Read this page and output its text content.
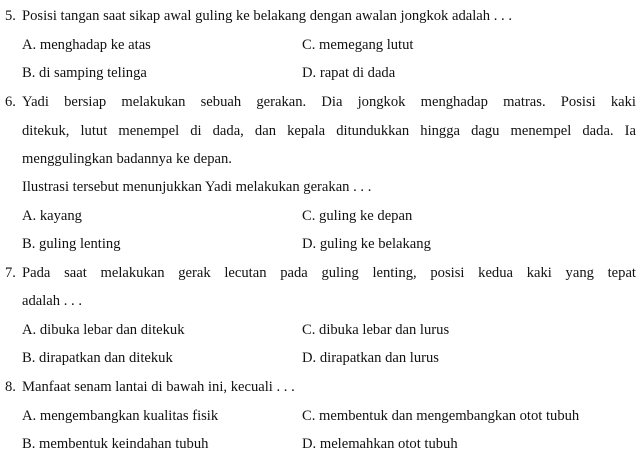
5. Posisi tangan saat sikap awal guling ke belakang dengan awalan jongkok adalah . . .
A. menghadap ke atas	C. memegang lutut
B. di samping telinga	D. rapat di dada
6. Yadi bersiap melakukan sebuah gerakan. Dia jongkok menghadap matras. Posisi kaki
ditekuk, lutut menempel di dada, dan kepala ditundukkan hingga dagu menempel dada. Ia
menggulingkan badannya ke depan.
Ilustrasi tersebut menunjukkan Yadi melakukan gerakan . . .
A. kayang	C. guling ke depan
B. guling lenting	D. guling ke belakang
7. Pada saat melakukan gerak lecutan pada guling lenting, posisi kedua kaki yang tepat
adalah . . .
A. dibuka lebar dan ditekuk	C. dibuka lebar dan lurus
B. dirapatkan dan ditekuk	D. dirapatkan dan lurus
8. Manfaat senam lantai di bawah ini, kecuali . . .
A. mengembangkan kualitas fisik	C. membentuk dan mengembangkan otot tubuh
B. membentuk keindahan tubuh	D. melemahkan otot tubuh
